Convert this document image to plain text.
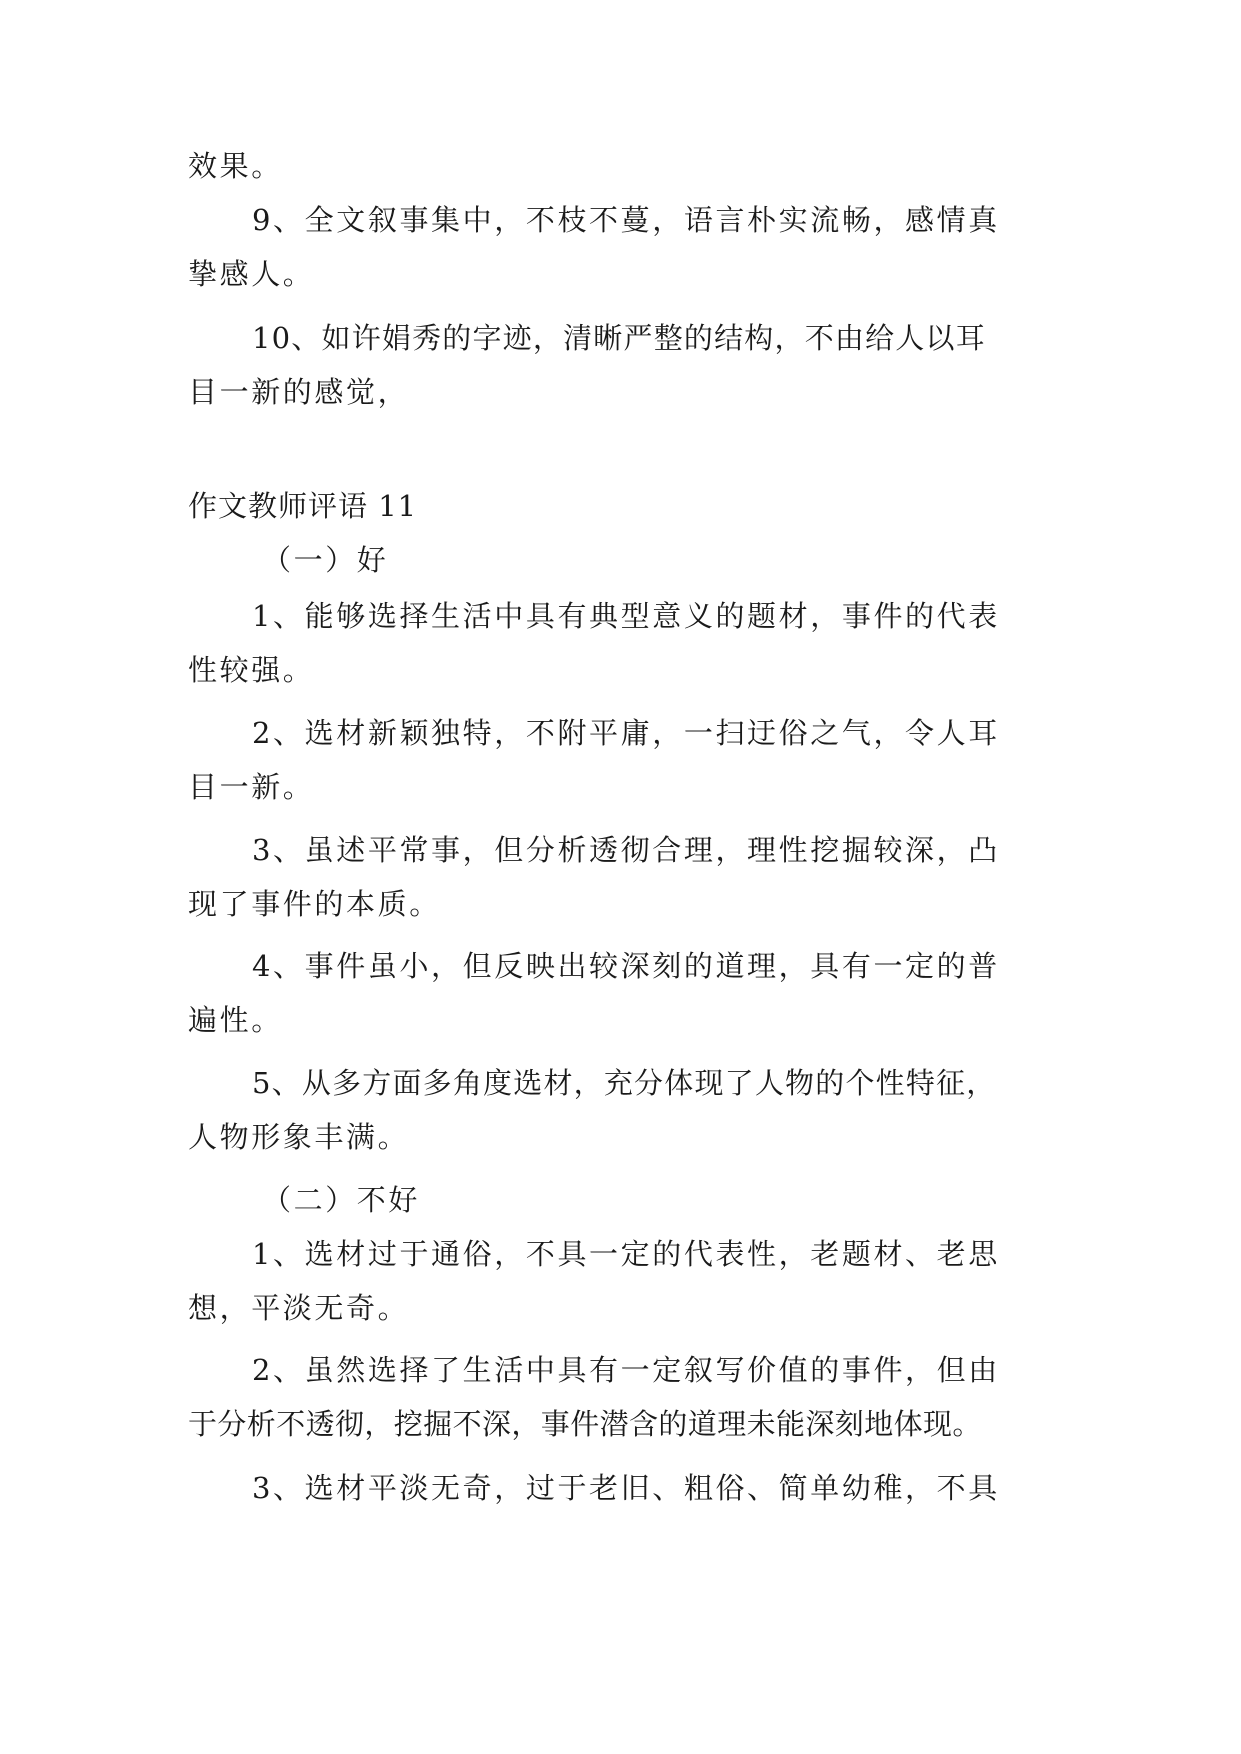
效果。

9、全文叙事集中，不枝不蔓，语言朴实流畅，感情真

挚感人。

10、如许娟秀的字迹，清晰严整的结构，不由给人以耳

目一新的感觉，

作文教师评语 11

（一）好

1、能够选择生活中具有典型意义的题材，事件的代表

性较强。

2、选材新颖独特，不附平庸，一扫迂俗之气，令人耳

目一新。

3、虽述平常事，但分析透彻合理，理性挖掘较深，凸

现了事件的本质。

4、事件虽小，但反映出较深刻的道理，具有一定的普

遍性。

5、从多方面多角度选材，充分体现了人物的个性特征，

人物形象丰满。

（二）不好

1、选材过于通俗，不具一定的代表性，老题材、老思

想，平淡无奇。

2、虽然选择了生活中具有一定叙写价值的事件，但由

于分析不透彻，挖掘不深，事件潜含的道理未能深刻地体现。

3、选材平淡无奇，过于老旧、粗俗、简单幼稚，不具
